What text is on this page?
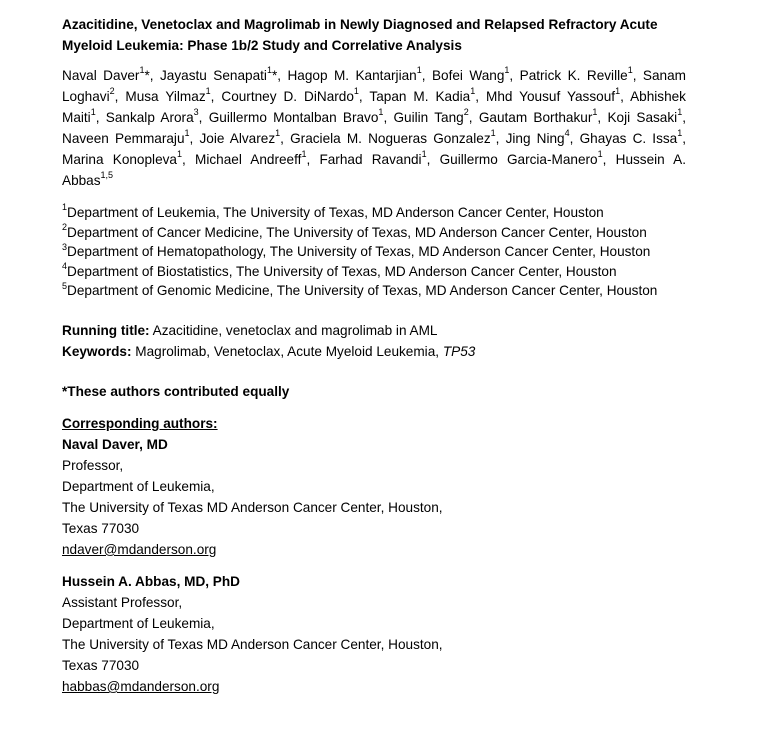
Azacitidine, Venetoclax and Magrolimab in Newly Diagnosed and Relapsed Refractory Acute Myeloid Leukemia: Phase 1b/2 Study and Correlative Analysis

Naval Daver$^1$*, Jayastu Senapati$^1$*, Hagop M. Kantarjian$^1$, Bofei Wang$^1$, Patrick K. Reville$^1$, Sanam Loghavi$^2$, Musa Yilmaz$^1$, Courtney D. DiNardo$^1$, Tapan M. Kadia$^1$, Mhd Yousuf Yassouf$^1$, Abhishek Maiti$^1$, Sankalp Arora$^3$, Guillermo Montalban Bravo$^1$, Guilin Tang$^2$, Gautam Borthakur$^1$, Koji Sasaki$^1$, Naveen Pemmaraju$^1$, Joie Alvarez$^1$, Graciela M. Nogueras Gonzalez$^1$, Jing Ning$^4$, Ghayas C. Issa$^1$, Marina Konopleva$^1$, Michael Andreeff$^1$, Farhad Ravandi$^1$, Guillermo Garcia-Manero$^1$, Hussein A. Abbas$^{1,5}$

$^1$Department of Leukemia, The University of Texas, MD Anderson Cancer Center, Houston

$^2$Department of Cancer Medicine, The University of Texas, MD Anderson Cancer Center, Houston

$^3$Department of Hematopathology, The University of Texas, MD Anderson Cancer Center, Houston

$^4$Department of Biostatistics, The University of Texas, MD Anderson Cancer Center, Houston

$^5$Department of Genomic Medicine, The University of Texas, MD Anderson Cancer Center, Houston

Running title: Azacitidine, venetoclax and magrolimab in AML

Keywords: Magrolimab, Venetoclax, Acute Myeloid Leukemia, TP53

*These authors contributed equally

Corresponding authors:

Naval Daver, MD

Professor,

Department of Leukemia,

The University of Texas MD Anderson Cancer Center, Houston,

Texas 77030

ndaver@mdanderson.org

Hussein A. Abbas, MD, PhD

Assistant Professor,

Department of Leukemia,

The University of Texas MD Anderson Cancer Center, Houston,

Texas 77030

habbas@mdanderson.org
